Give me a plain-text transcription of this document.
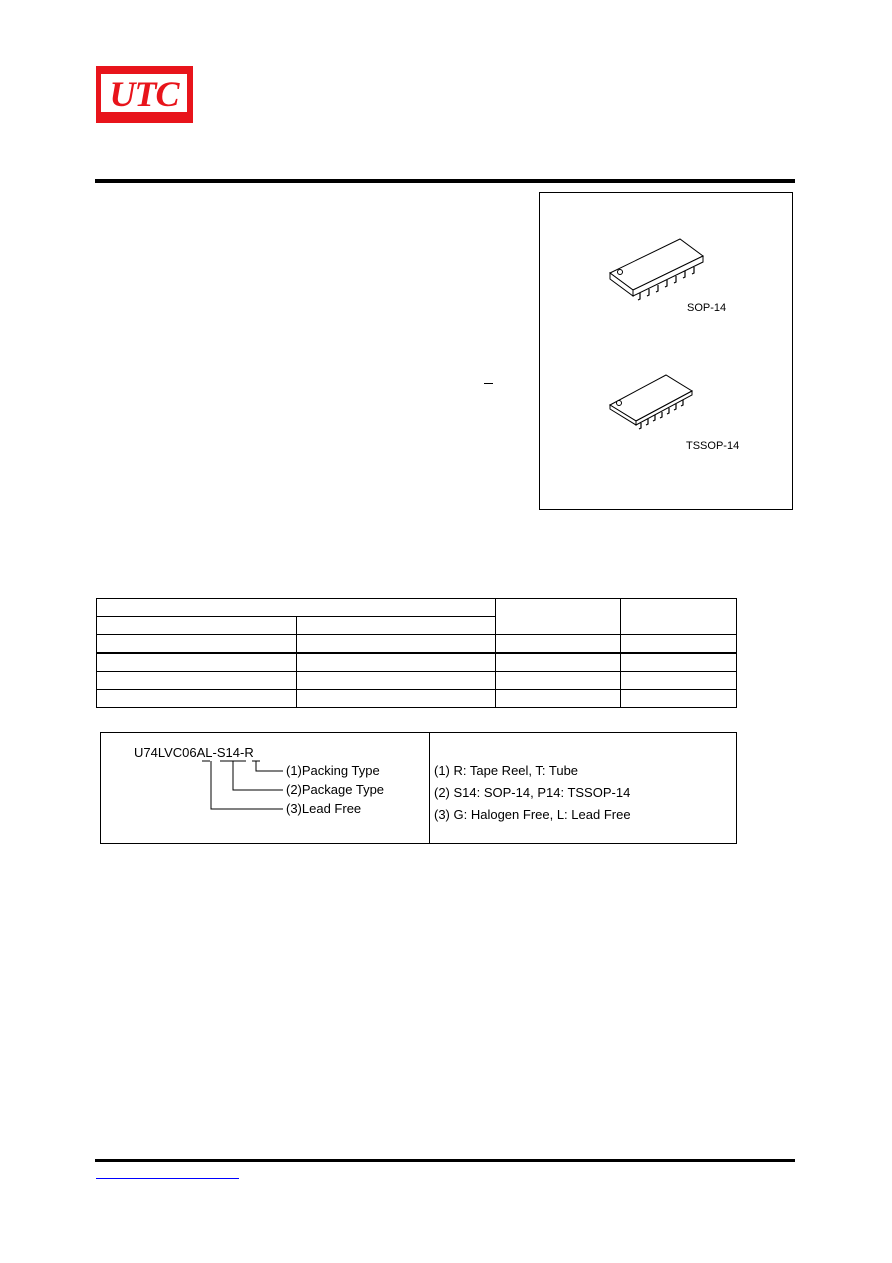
UTC
SOP-14
TSSOP-14

U74LVC06AL-S14-R
(1)Packing Type
(2)Package Type
(3)Lead Free
(1) R: Tape Reel, T: Tube
(2) S14: SOP-14, P14: TSSOP-14
(3) G: Halogen Free, L: Lead Free
